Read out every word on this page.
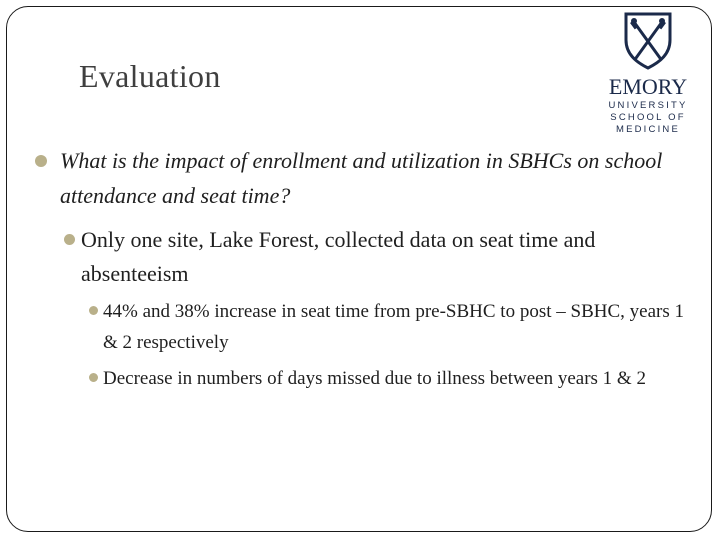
Evaluation	EMORY
UNIVERSITY
SCHOOL OF
MEDICINE
What is the impact of enrollment and utilization in SBHCs on school attendance and seat time?
Only one site, Lake Forest, collected data on seat time and absenteeism
44% and 38% increase in seat time from pre-SBHC to post – SBHC, years 1 & 2 respectively
Decrease in numbers of days missed due to illness between years 1 & 2
